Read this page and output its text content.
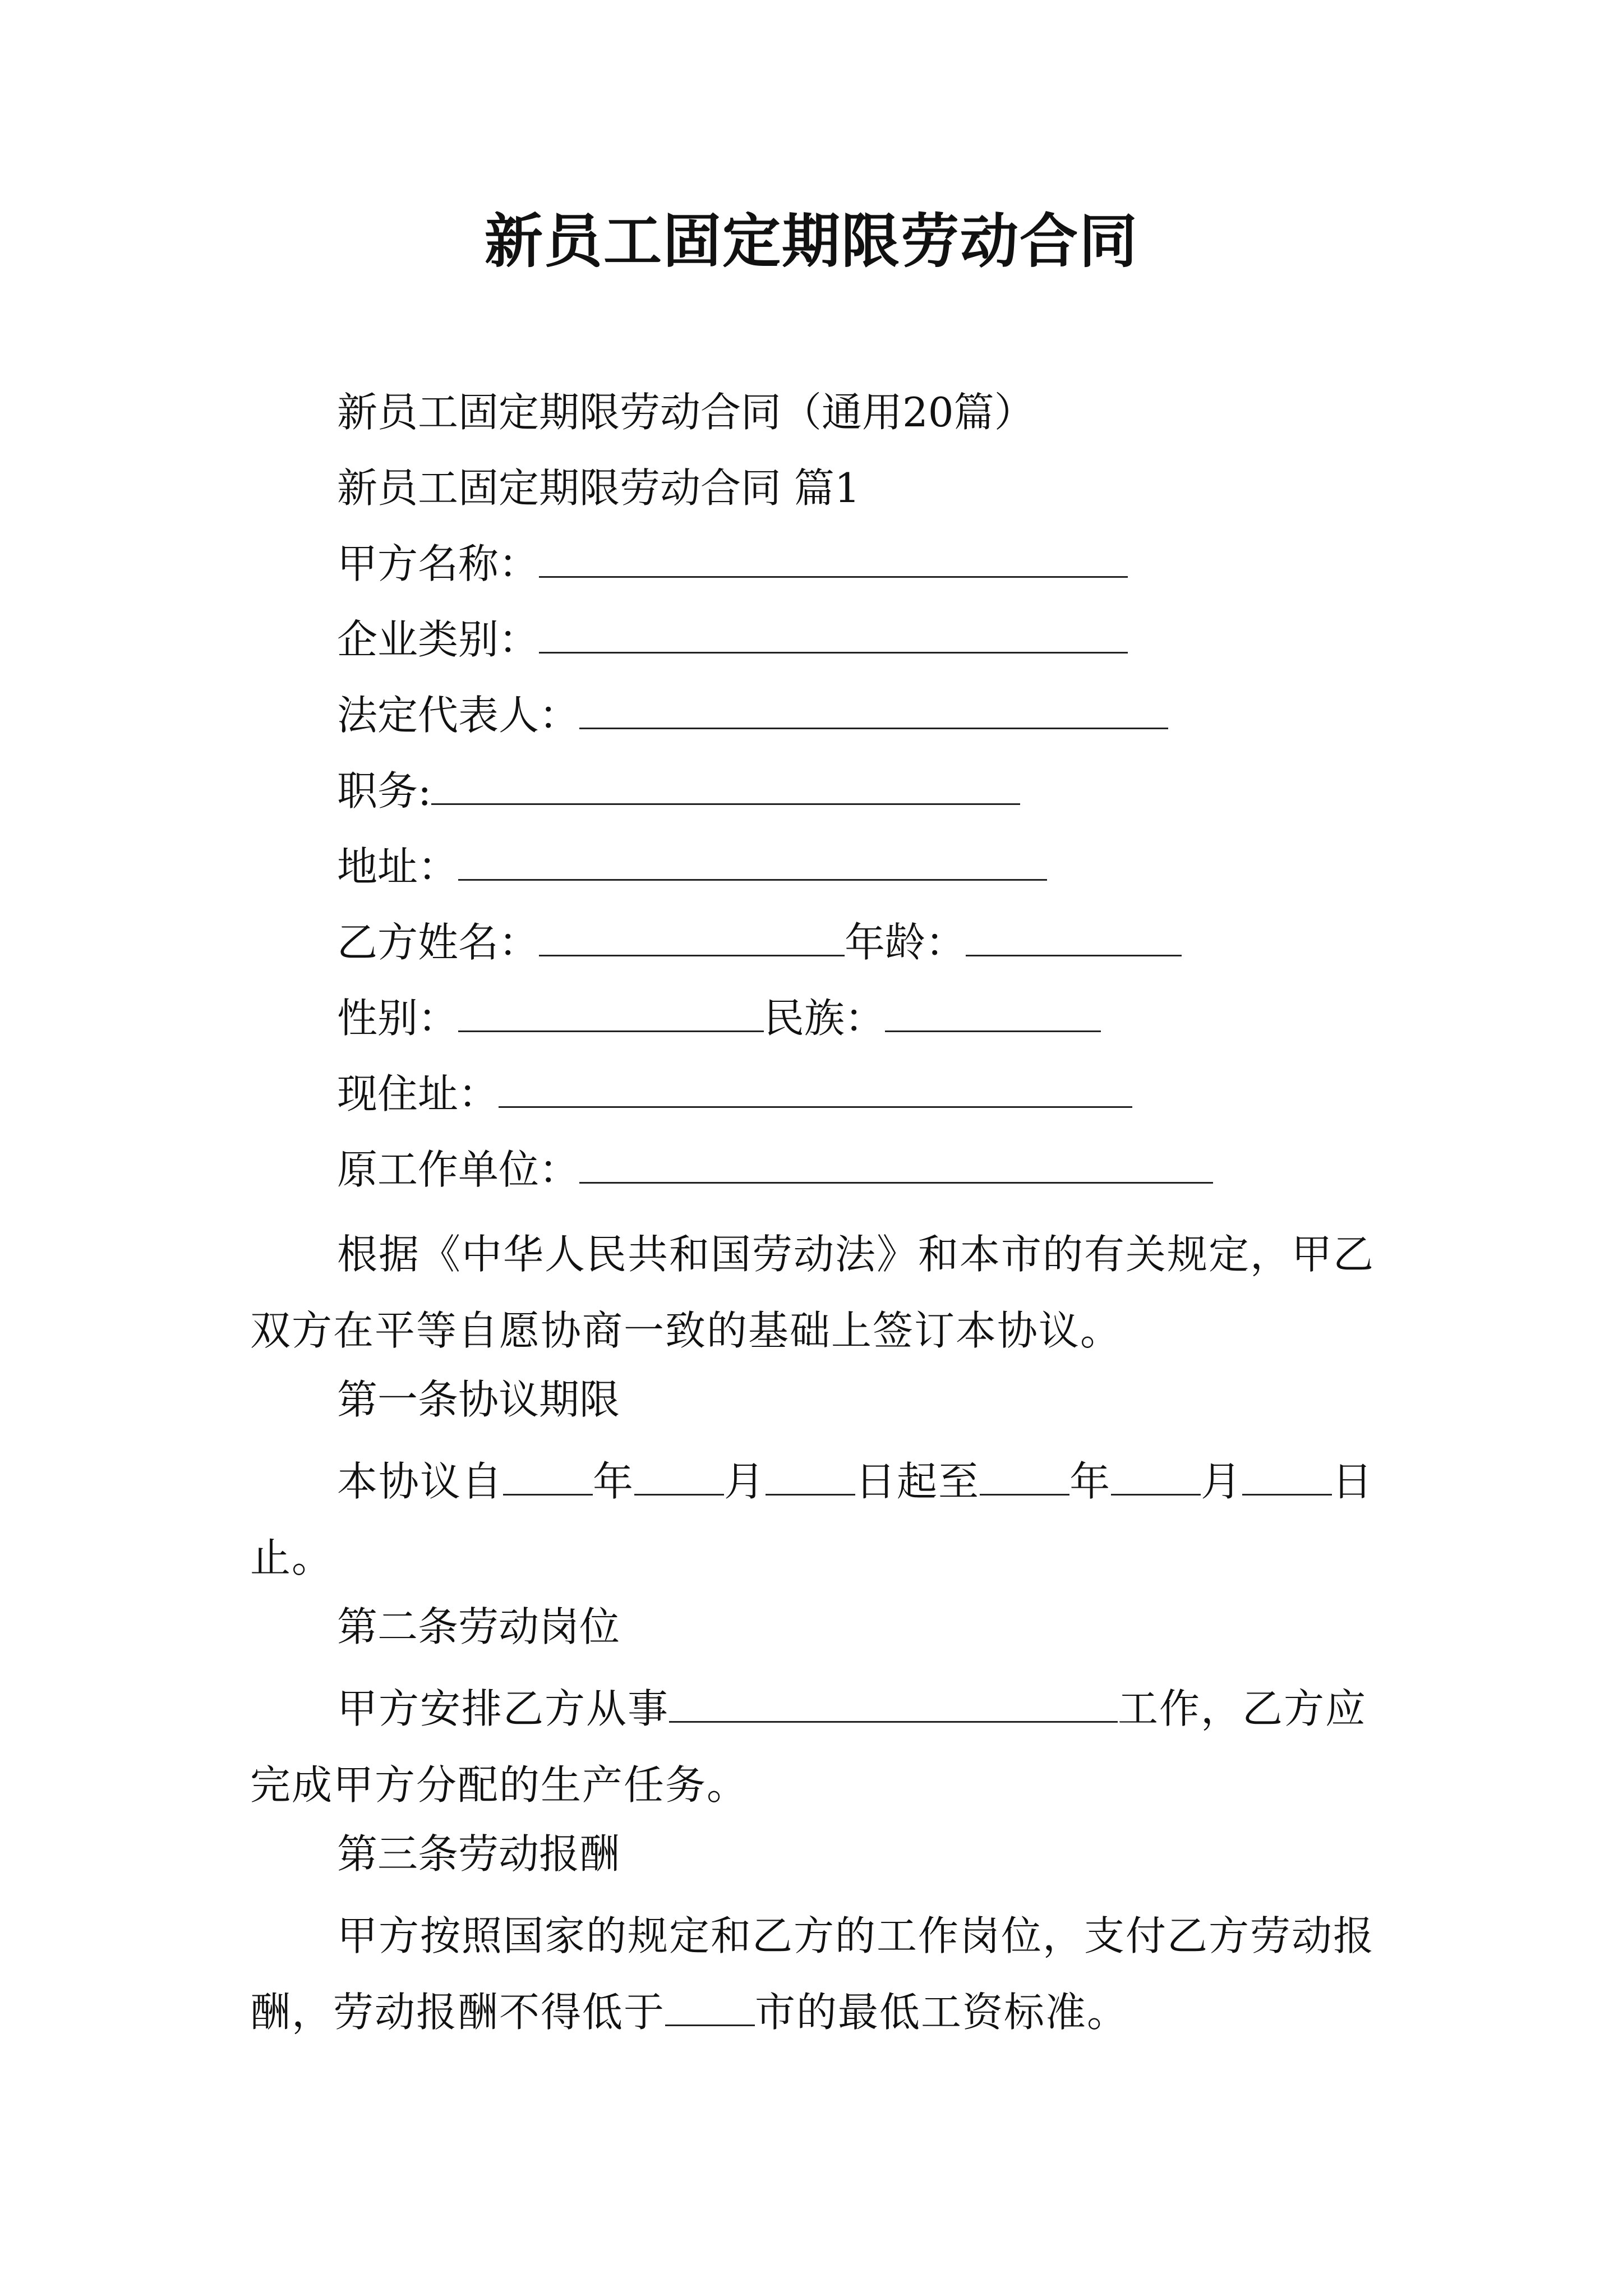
新员工固定期限劳动合同
新员工固定期限劳动合同（通用20篇）
新员工固定期限劳动合同 篇1
甲方名称：
企业类别：
法定代表人：
职务:
地址：
乙方姓名：	年龄：
性别：	民族：
现住址：
原工作单位：
根据《中华人民共和国劳动法》和本市的有关规定，甲乙双方在平等自愿协商一致的基础上签订本协议。
第一条协议期限
本协议自 年 月 日起至 年 月 日止。
第二条劳动岗位
甲方安排乙方从事	工作，乙方应完成甲方分配的生产任务。
第三条劳动报酬
甲方按照国家的规定和乙方的工作岗位，支付乙方劳动报酬，劳动报酬不得低于 市的最低工资标准。
